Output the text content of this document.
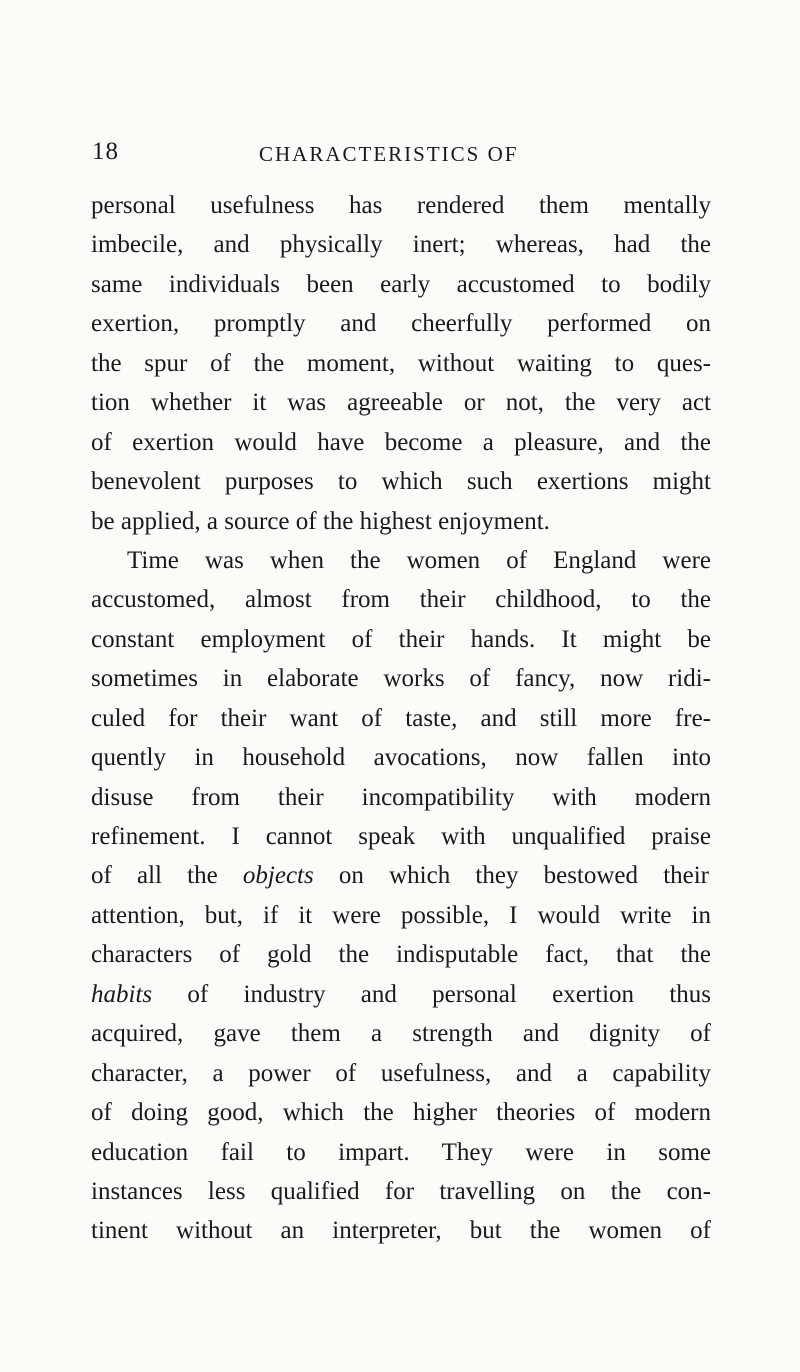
18	CHARACTERISTICS OF
personal usefulness has rendered them mentally
imbecile, and physically inert; whereas, had the
same individuals been early accustomed to bodily
exertion, promptly and cheerfully performed on
the spur of the moment, without waiting to ques-
tion whether it was agreeable or not, the very act
of exertion would have become a pleasure, and the
benevolent purposes to which such exertions might
be applied, a source of the highest enjoyment.
Time was when the women of England were
accustomed, almost from their childhood, to the
constant employment of their hands. It might be
sometimes in elaborate works of fancy, now ridi-
culed for their want of taste, and still more fre-
quently in household avocations, now fallen into
disuse from their incompatibility with modern
refinement. I cannot speak with unqualified praise
of all the objects on which they bestowed their
attention, but, if it were possible, I would write in
characters of gold the indisputable fact, that the
habits of industry and personal exertion thus
acquired, gave them a strength and dignity of
character, a power of usefulness, and a capability
of doing good, which the higher theories of modern
education fail to impart. They were in some
instances less qualified for travelling on the con-
tinent without an interpreter, but the women of
